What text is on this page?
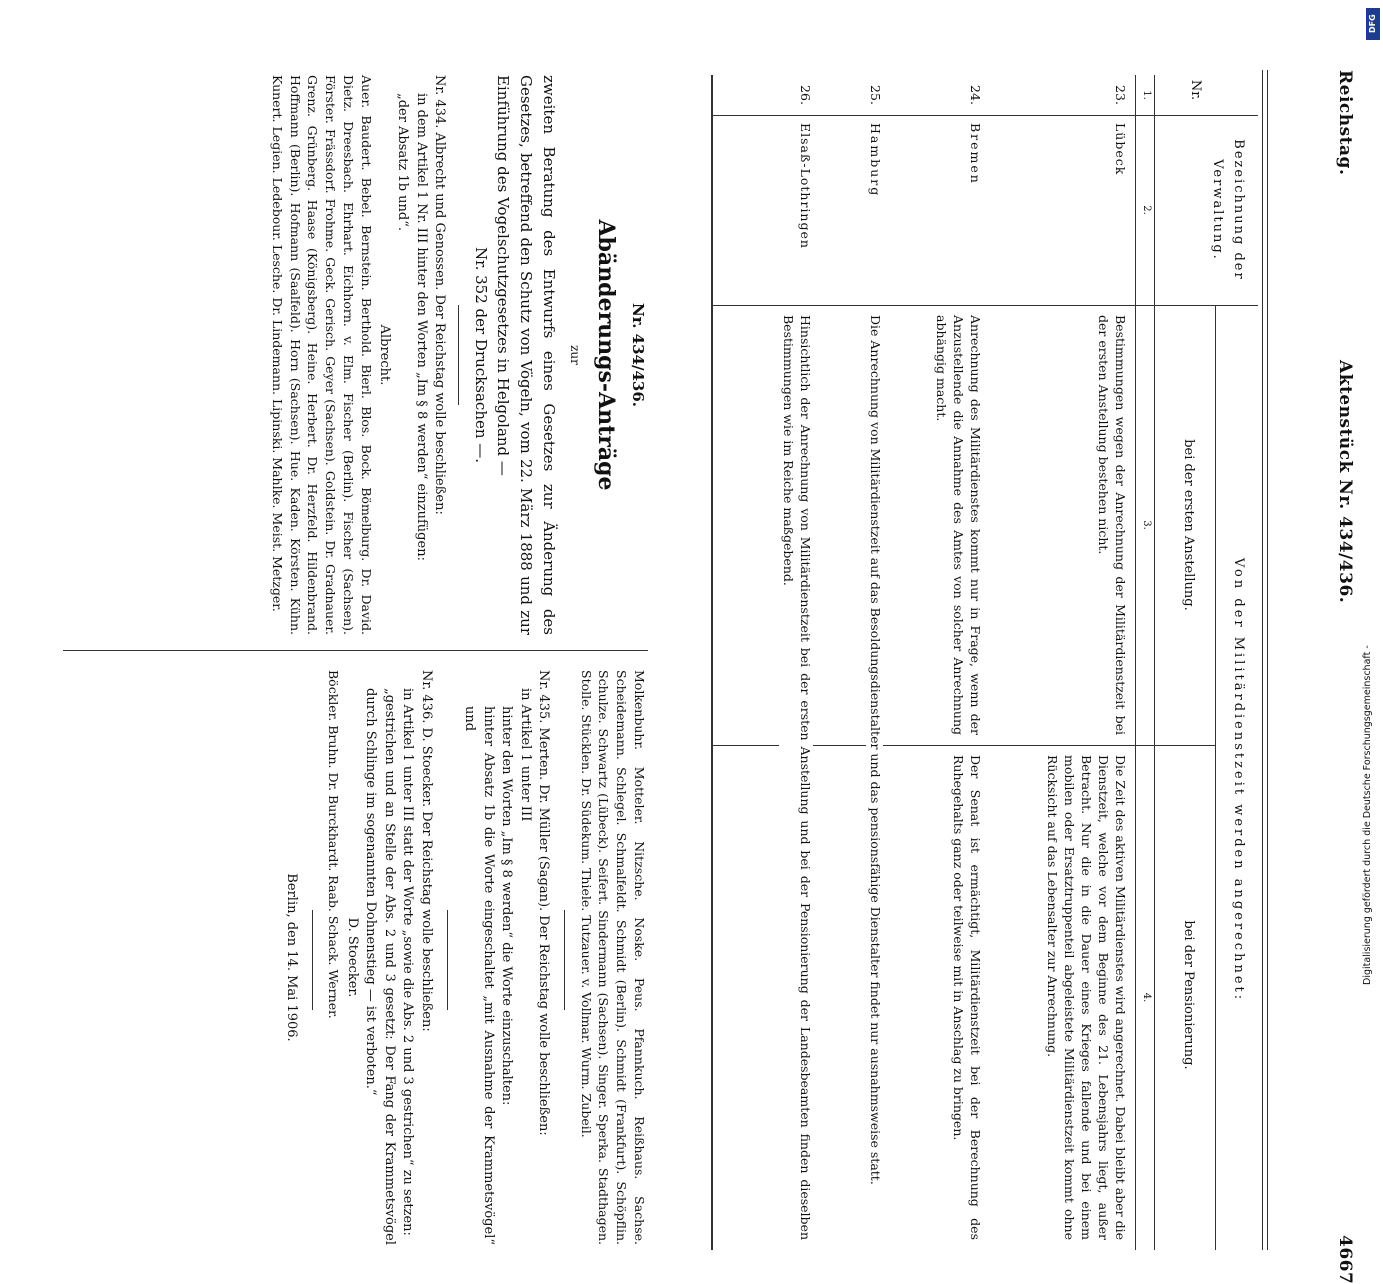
Reichstag.
Aktenstück Nr. 434/436.
4667
Nr.
Bezeichnung der Verwaltung.
Von der Militärdienstzeit werden angerechnet:
bei der ersten Anstellung.
bei der Pensionierung.
1.
2.
3.
4.
23.
Lübeck
Bestimmungen wegen der Anrechnung der Militärdienstzeit bei der ersten Anstellung bestehen nicht.
Die Zeit des aktiven Militärdienstes wird angerechnet. Dabei bleibt aber die Dienstzeit, welche vor dem Beginne des 21. Lebensjahrs liegt, außer Betracht. Nur die in die Dauer eines Krieges fallende und bei einem mobilen oder Ersatztruppenteil abgeleistete Militärdienstzeit kommt ohne Rücksicht auf das Lebensalter zur Anrechnung.
24.
Bremen
Anrechnung des Militärdienstes kommt nur in Frage, wenn der Anzustellende die Annahme des Amtes von solcher Anrechnung abhängig macht.
Der Senat ist ermächtigt, Militärdienstzeit bei der Berechnung des Ruhegehalts ganz oder teilweise mit in Anschlag zu bringen.
25.
Hamburg
Die Anrechnung von Militärdienstzeit auf das Besoldungsdienstalter und das pensionsfähige Dienstalter findet nur ausnahmsweise statt.
26.
Elsaß-Lothringen
Hinsichtlich der Anrechnung von Militärdienstzeit bei der ersten Anstellung und bei der Pensionierung der Landesbeamten finden dieselben Bestimmungen wie im Reiche maßgebend.

Nr. 434/436.

Abänderungs-Anträge

zur

zweiten Beratung des Entwurfs eines Gesetzes zur Änderung des Gesetzes, betreffend den Schutz von Vögeln, vom 22. März 1888 und zur Einführung des Vogelschutzgesetzes in Helgoland —

Nr. 352 der Drucksachen —.

Nr. 434. Albrecht und Genossen. Der Reichstag wolle beschließen:

in dem Artikel 1 Nr. III hinter den Worten „Im § 8 werden“ einzufügen:

„der Absatz 1b und“.

Albrecht.

Auer. Baudert. Bebel. Bernstein. Berthold. Bierl. Blos. Bock. Bömelburg. Dr. David. Dietz. Dreesbach. Ehrhart. Eichhorn. v. Elm. Fischer (Berlin). Fischer (Sachsen). Förster. Frässdorf. Frohme. Geck. Gerisch. Geyer (Sachsen). Goldstein. Dr. Gradnauer. Grenz. Grünberg. Haase (Königsberg). Heine. Herbert. Dr. Herzfeld. Hildenbrand. Hoffmann (Berlin). Hofmann (Saalfeld). Horn (Sachsen). Hue. Kaden. Körsten. Kühn. Kunert. Legien. Ledebour. Lesche. Dr. Lindemann. Lipinski. Mahlke. Meist. Metzger.

Molkenbuhr. Motteler. Nitzsche. Noske. Peus. Pfannkuch. Reißhaus. Sachse. Scheidemann. Schlegel. Schmalfeldt. Schmidt (Berlin). Schmidt (Frankfurt). Schöpflin. Schulze. Schwartz (Lübeck). Seifert. Sindermann (Sachsen). Singer. Sperka. Stadthagen. Stolle. Stücklen. Dr. Südekum. Thiele. Tutzauer. v. Vollmar. Wurm. Zubeil.

Nr. 435. Merten. Dr. Müller (Sagan). Der Reichstag wolle beschließen:

in Artikel 1 unter III

hinter den Worten „Im § 8 werden“ die Worte einzuschalten:

hinter Absatz 1b die Worte eingeschaltet „mit Ausnahme der Krammetsvögel“ und

Nr. 436. D. Stoecker. Der Reichstag wolle beschließen:

in Artikel 1 unter III statt der Worte „sowie die Abs. 2 und 3 gestrichen“ zu setzen:

„gestrichen und an Stelle der Abs. 2 und 3 gesetzt: Der Fang der Krammetsvögel durch Schlinge im sogenannten Dohnenstieg — ist verboten.“

D. Stoecker.

Böckler. Bruhn. Dr. Burckhardt. Raab. Schack. Werner.

Berlin, den 14. Mai 1906.

DFG
Digitalisierung gefördert durch die Deutsche Forschungsgemeinschaft -
